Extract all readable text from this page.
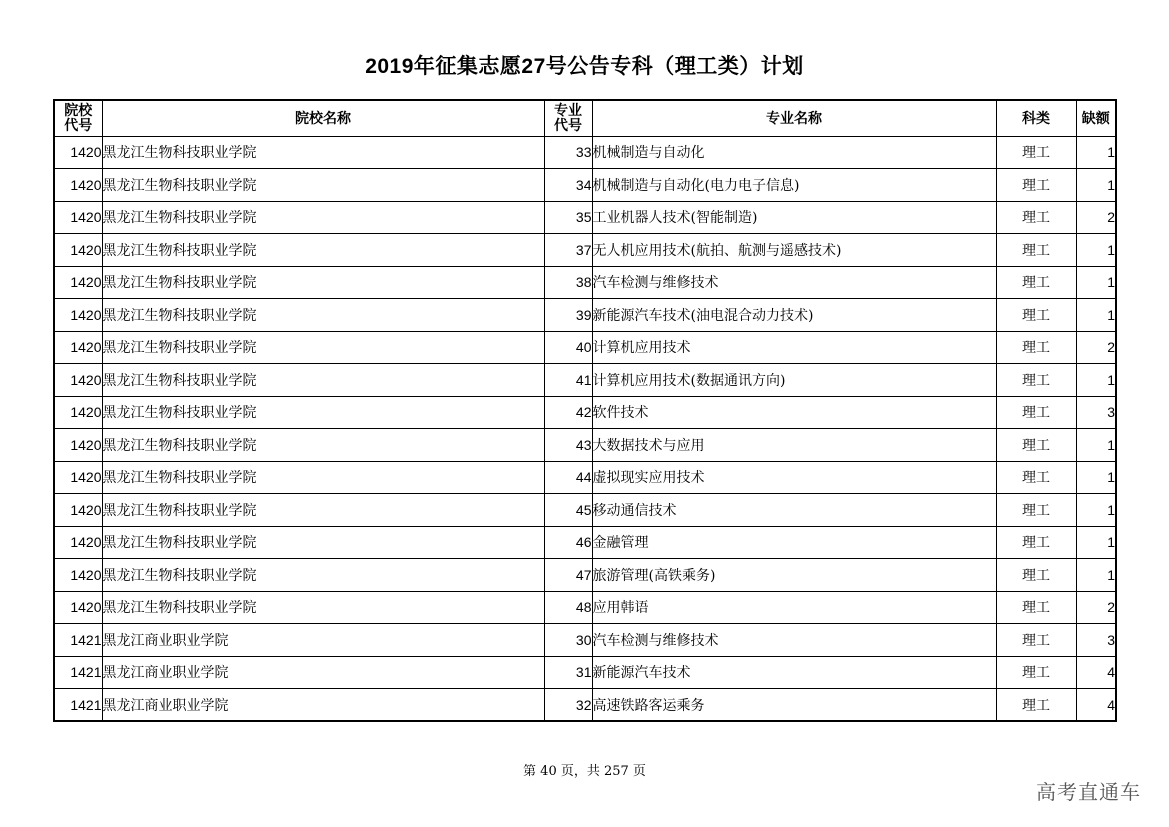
2019年征集志愿27号公告专科（理工类）计划
院校代号	院校名称	专业代号	专业名称	科类	缺额
1420	黑龙江生物科技职业学院	33	机械制造与自动化	理工	1
1420	黑龙江生物科技职业学院	34	机械制造与自动化(电力电子信息)	理工	1
1420	黑龙江生物科技职业学院	35	工业机器人技术(智能制造)	理工	2
1420	黑龙江生物科技职业学院	37	无人机应用技术(航拍、航测与遥感技术)	理工	1
1420	黑龙江生物科技职业学院	38	汽车检测与维修技术	理工	1
1420	黑龙江生物科技职业学院	39	新能源汽车技术(油电混合动力技术)	理工	1
1420	黑龙江生物科技职业学院	40	计算机应用技术	理工	2
1420	黑龙江生物科技职业学院	41	计算机应用技术(数据通讯方向)	理工	1
1420	黑龙江生物科技职业学院	42	软件技术	理工	3
1420	黑龙江生物科技职业学院	43	大数据技术与应用	理工	1
1420	黑龙江生物科技职业学院	44	虚拟现实应用技术	理工	1
1420	黑龙江生物科技职业学院	45	移动通信技术	理工	1
1420	黑龙江生物科技职业学院	46	金融管理	理工	1
1420	黑龙江生物科技职业学院	47	旅游管理(高铁乘务)	理工	1
1420	黑龙江生物科技职业学院	48	应用韩语	理工	2
1421	黑龙江商业职业学院	30	汽车检测与维修技术	理工	3
1421	黑龙江商业职业学院	31	新能源汽车技术	理工	4
1421	黑龙江商业职业学院	32	高速铁路客运乘务	理工	4
第 40 页，共 257 页
高考直通车
